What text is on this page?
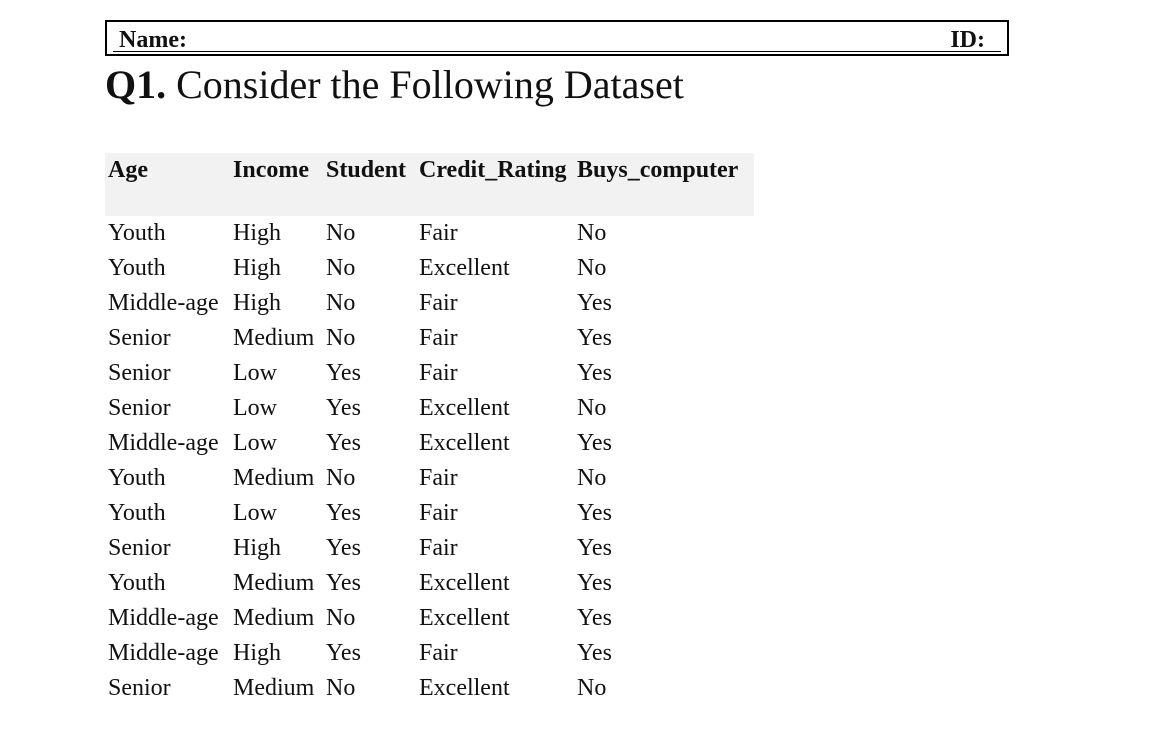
Name:	ID:
Q1. Consider the Following Dataset
Age	Income	Student	Credit_Rating	Buys_computer
Youth	High	No	Fair	No
Youth	High	No	Excellent	No
Middle-age	High	No	Fair	Yes
Senior	Medium	No	Fair	Yes
Senior	Low	Yes	Fair	Yes
Senior	Low	Yes	Excellent	No
Middle-age	Low	Yes	Excellent	Yes
Youth	Medium	No	Fair	No
Youth	Low	Yes	Fair	Yes
Senior	High	Yes	Fair	Yes
Youth	Medium	Yes	Excellent	Yes
Middle-age	Medium	No	Excellent	Yes
Middle-age	High	Yes	Fair	Yes
Senior	Medium	No	Excellent	No
